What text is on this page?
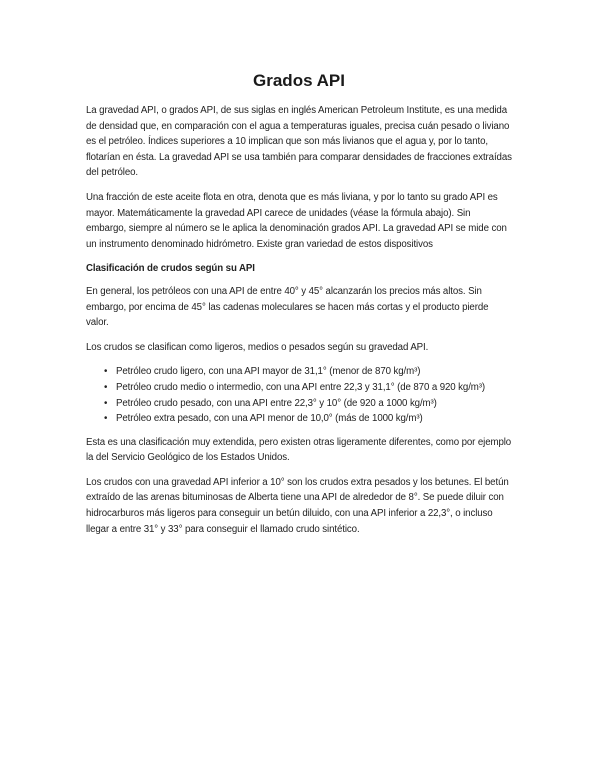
Grados API

La gravedad API, o grados API, de sus siglas en inglés American Petroleum Institute, es una medida de densidad que, en comparación con el agua a temperaturas iguales, precisa cuán pesado o liviano es el petróleo. Índices superiores a 10 implican que son más livianos que el agua y, por lo tanto, flotarían en ésta. La gravedad API se usa también para comparar densidades de fracciones extraídas del petróleo.

Una fracción de este aceite flota en otra, denota que es más liviana, y por lo tanto su grado API es mayor. Matemáticamente la gravedad API carece de unidades (véase la fórmula abajo). Sin embargo, siempre al número se le aplica la denominación grados API. La gravedad API se mide con un instrumento denominado hidrómetro. Existe gran variedad de estos dispositivos

Clasificación de crudos según su API

En general, los petróleos con una API de entre 40° y 45° alcanzarán los precios más altos. Sin embargo, por encima de 45° las cadenas moleculares se hacen más cortas y el producto pierde valor.

Los crudos se clasifican como ligeros, medios o pesados según su gravedad API.

• Petróleo crudo ligero, con una API mayor de 31,1° (menor de 870 kg/m³)
• Petróleo crudo medio o intermedio, con una API entre 22,3 y 31,1° (de 870 a 920 kg/m³)
• Petróleo crudo pesado, con una API entre 22,3° y 10° (de 920 a 1000 kg/m³)
• Petróleo extra pesado, con una API menor de 10,0° (más de 1000 kg/m³)

Esta es una clasificación muy extendida, pero existen otras ligeramente diferentes, como por ejemplo la del Servicio Geológico de los Estados Unidos.

Los crudos con una gravedad API inferior a 10° son los crudos extra pesados y los betunes. El betún extraído de las arenas bituminosas de Alberta tiene una API de alrededor de 8°. Se puede diluir con hidrocarburos más ligeros para conseguir un betún diluido, con una API inferior a 22,3°, o incluso llegar a entre 31° y 33° para conseguir el llamado crudo sintético.
